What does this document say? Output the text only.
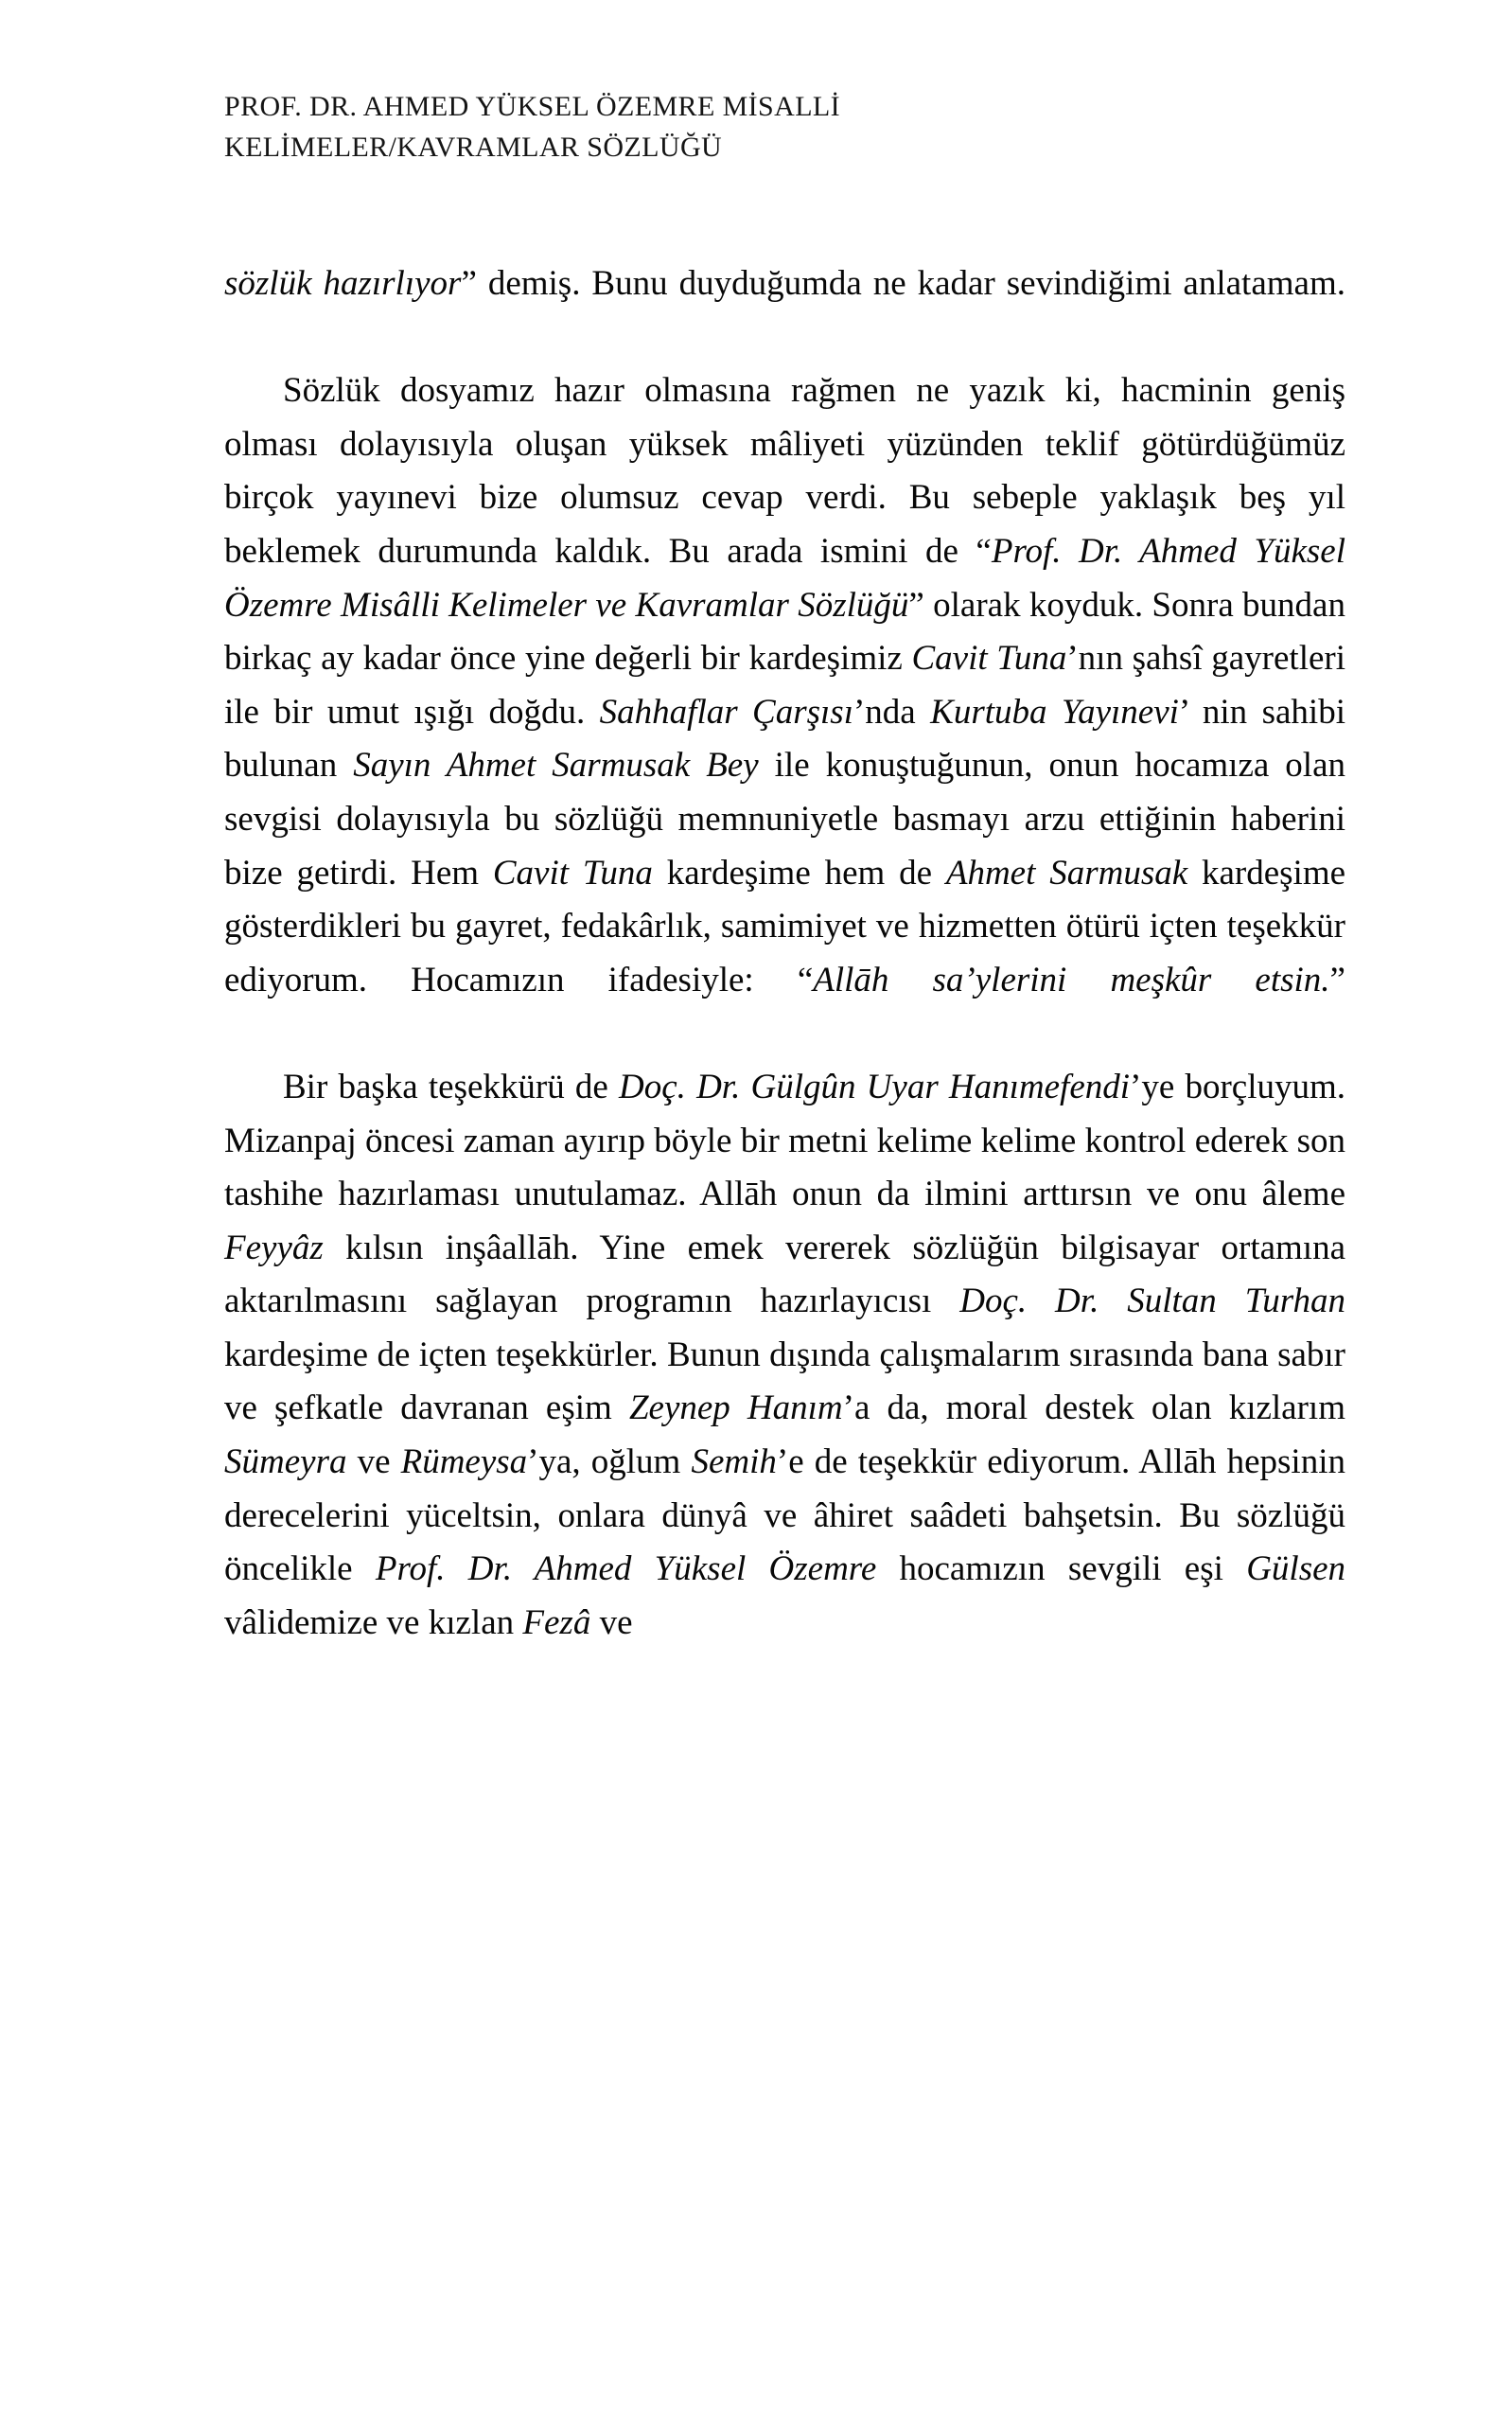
PROF. DR. AHMED YÜKSEL ÖZEMRE MİSALLİ
KELİMELER/KAVRAMLAR SÖZLÜĞÜ

sözlük hazırlıyor” demiş. Bunu duyduğumda ne kadar sevindiğimi anlatamam.

Sözlük dosyamız hazır olmasına rağmen ne yazık ki, hacminin geniş olması dolayısıyla oluşan yüksek mâliyeti yüzünden teklif götürdüğümüz birçok yayınevi bize olumsuz cevap verdi. Bu sebeple yaklaşık beş yıl beklemek durumunda kaldık. Bu arada ismini de “Prof. Dr. Ahmed Yüksel Özemre Misâlli Kelimeler ve Kavramlar Sözlüğü” olarak koyduk. Sonra bundan birkaç ay kadar önce yine değerli bir kardeşimiz Cavit Tuna’nın şahsî gayretleri ile bir umut ışığı doğdu. Sahhaflar Çarşısı’nda Kurtuba Yayınevi’ nin sahibi bulunan Sayın Ahmet Sarmusak Bey ile konuştuğunun, onun hocamıza olan sevgisi dolayısıyla bu sözlüğü memnuniyetle basmayı arzu ettiğinin haberini bize getirdi. Hem Cavit Tuna kardeşime hem de Ahmet Sarmusak kardeşime gösterdikleri bu gayret, fedakârlık, samimiyet ve hizmetten ötürü içten teşekkür ediyorum. Hocamızın ifadesiyle: “Allāh sa’ylerini meşkûr etsin.”

Bir başka teşekkürü de Doç. Dr. Gülgûn Uyar Hanımefendi’ye borçluyum. Mizanpaj öncesi zaman ayırıp böyle bir metni kelime kelime kontrol ederek son tashihe hazırlaması unutulamaz. Allāh onun da ilmini arttırsın ve onu âleme Feyyâz kılsın inşâallāh. Yine emek vererek sözlüğün bilgisayar ortamına aktarılmasını sağlayan programın hazırlayıcısı Doç. Dr. Sultan Turhan kardeşime de içten teşekkürler. Bunun dışında çalışmalarım sırasında bana sabır ve şefkatle davranan eşim Zeynep Hanım’a da, moral destek olan kızlarım Sümeyra ve Rümeysa’ya, oğlum Semih’e de teşekkür ediyorum. Allāh hepsinin derecelerini yüceltsin, onlara dünyâ ve âhiret saâdeti bahşetsin. Bu sözlüğü öncelikle Prof. Dr. Ahmed Yüksel Özemre hocamızın sevgili eşi Gülsen vâlidemize ve kızlan Fezâ ve
